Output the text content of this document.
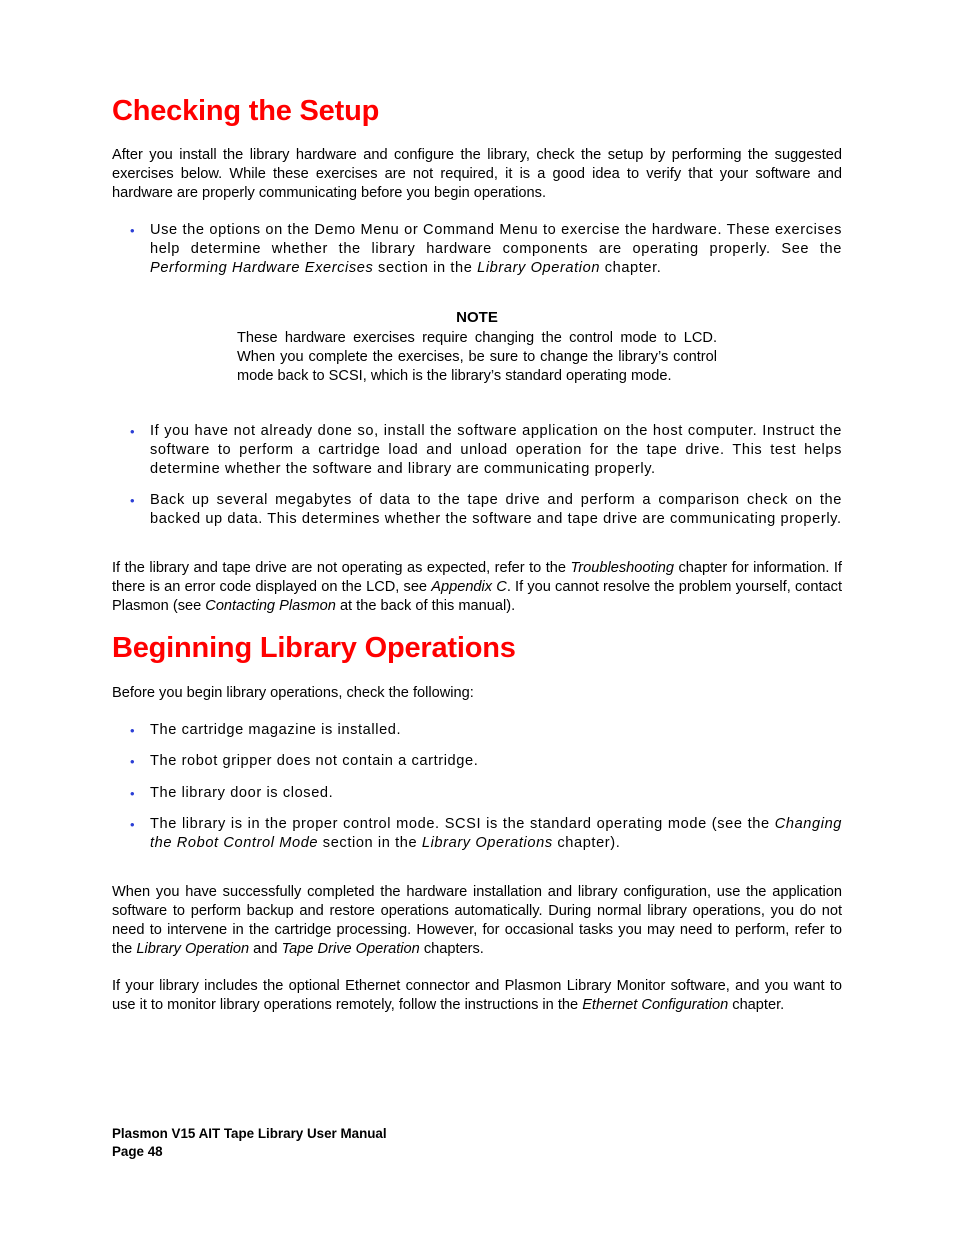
Checking the Setup

After you install the library hardware and configure the library, check the setup by performing the suggested exercises below. While these exercises are not required, it is a good idea to verify that your software and hardware are properly communicating before you begin operations.

• Use the options on the Demo Menu or Command Menu to exercise the hardware. These exercises help determine whether the library hardware components are operating properly. See the Performing Hardware Exercises section in the Library Operation chapter.

NOTE

These hardware exercises require changing the control mode to LCD. When you complete the exercises, be sure to change the library’s control mode back to SCSI, which is the library’s standard operating mode.

• If you have not already done so, install the software application on the host computer. Instruct the software to perform a cartridge load and unload operation for the tape drive. This test helps determine whether the software and library are communicating properly.

• Back up several megabytes of data to the tape drive and perform a comparison check on the backed up data. This determines whether the software and tape drive are communicating properly.

If the library and tape drive are not operating as expected, refer to the Troubleshooting chapter for information. If there is an error code displayed on the LCD, see Appendix C. If you cannot resolve the problem yourself, contact Plasmon (see Contacting Plasmon at the back of this manual).

Beginning Library Operations

Before you begin library operations, check the following:

• The cartridge magazine is installed.

• The robot gripper does not contain a cartridge.

• The library door is closed.

• The library is in the proper control mode. SCSI is the standard operating mode (see the Changing the Robot Control Mode section in the Library Operations chapter).

When you have successfully completed the hardware installation and library configuration, use the application software to perform backup and restore operations automatically. During normal library operations, you do not need to intervene in the cartridge processing. However, for occasional tasks you may need to perform, refer to the Library Operation and Tape Drive Operation chapters.

If your library includes the optional Ethernet connector and Plasmon Library Monitor software, and you want to use it to monitor library operations remotely, follow the instructions in the Ethernet Configuration chapter.

Plasmon V15 AIT Tape Library User Manual

Page 48
